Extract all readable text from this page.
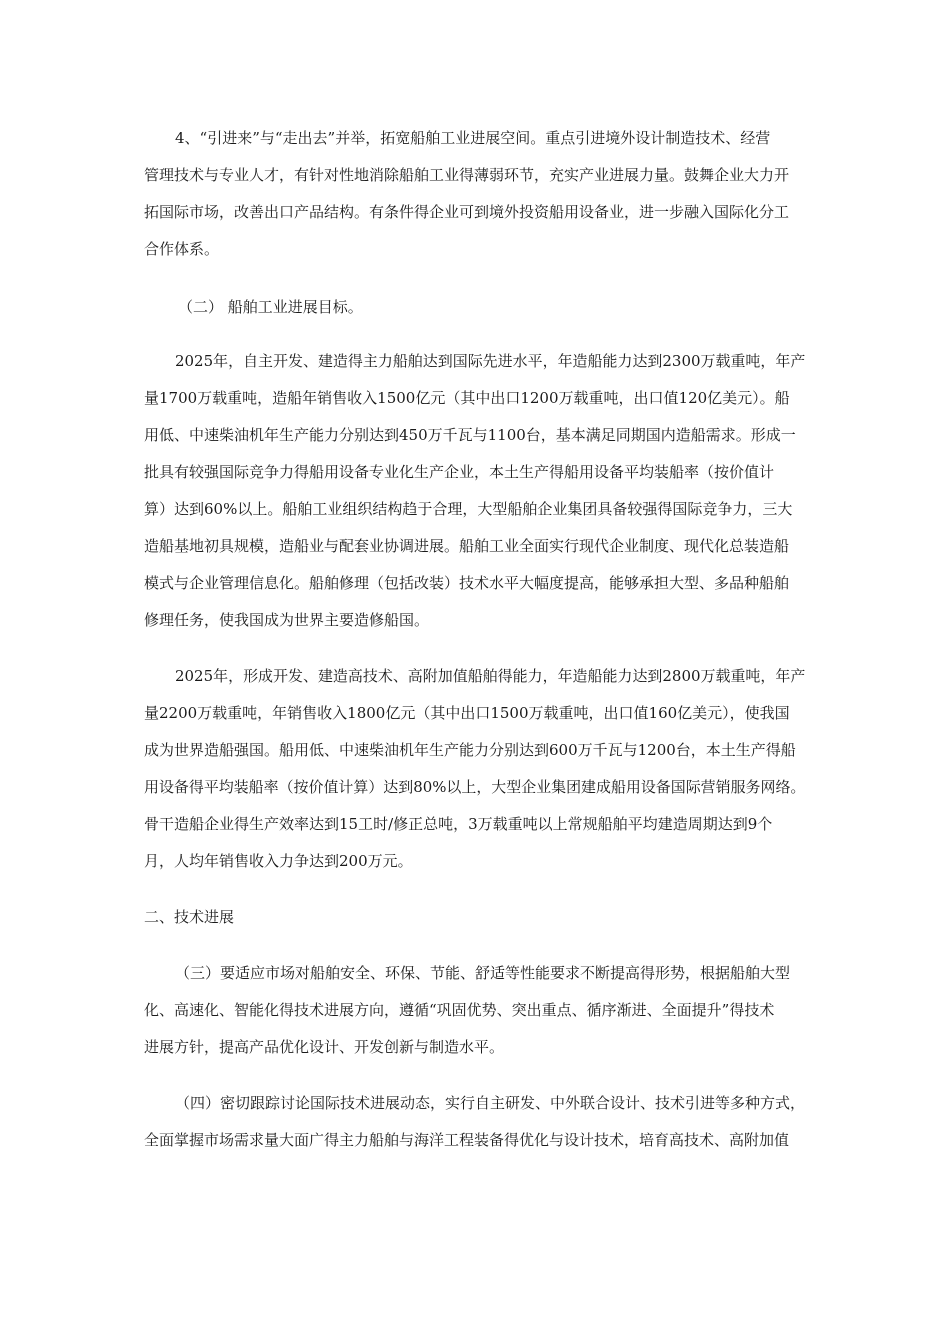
4、“引进来”与“走出去”并举，拓宽船舶工业进展空间。重点引进境外设计制造技术、经营
管理技术与专业人才，有针对性地消除船舶工业得薄弱环节，充实产业进展力量。鼓舞企业大力开
拓国际市场，改善出口产品结构。有条件得企业可到境外投资船用设备业，进一步融入国际化分工
合作体系。
（二） 船舶工业进展目标。
2025年，自主开发、建造得主力船舶达到国际先进水平，年造船能力达到2300万载重吨，年产
量1700万载重吨，造船年销售收入1500亿元（其中出口1200万载重吨，出口值120亿美元）。船
用低、中速柴油机年生产能力分别达到450万千瓦与1100台，基本满足同期国内造船需求。形成一
批具有较强国际竞争力得船用设备专业化生产企业，本土生产得船用设备平均装船率（按价值计
算）达到60%以上。船舶工业组织结构趋于合理，大型船舶企业集团具备较强得国际竞争力，三大
造船基地初具规模，造船业与配套业协调进展。船舶工业全面实行现代企业制度、现代化总装造船
模式与企业管理信息化。船舶修理（包括改装）技术水平大幅度提高，能够承担大型、多品种船舶
修理任务，使我国成为世界主要造修船国。
2025年，形成开发、建造高技术、高附加值船舶得能力，年造船能力达到2800万载重吨，年产
量2200万载重吨，年销售收入1800亿元（其中出口1500万载重吨，出口值160亿美元），使我国
成为世界造船强国。船用低、中速柴油机年生产能力分别达到600万千瓦与1200台，本土生产得船
用设备得平均装船率（按价值计算）达到80%以上，大型企业集团建成船用设备国际营销服务网络。
骨干造船企业得生产效率达到15工时/修正总吨，3万载重吨以上常规船舶平均建造周期达到9个
月，人均年销售收入力争达到200万元。
二、技术进展
（三）要适应市场对船舶安全、环保、节能、舒适等性能要求不断提高得形势，根据船舶大型
化、高速化、智能化得技术进展方向，遵循“巩固优势、突出重点、循序渐进、全面提升”得技术
进展方针，提高产品优化设计、开发创新与制造水平。
（四）密切跟踪讨论国际技术进展动态，实行自主研发、中外联合设计、技术引进等多种方式，
全面掌握市场需求量大面广得主力船舶与海洋工程装备得优化与设计技术，培育高技术、高附加值
